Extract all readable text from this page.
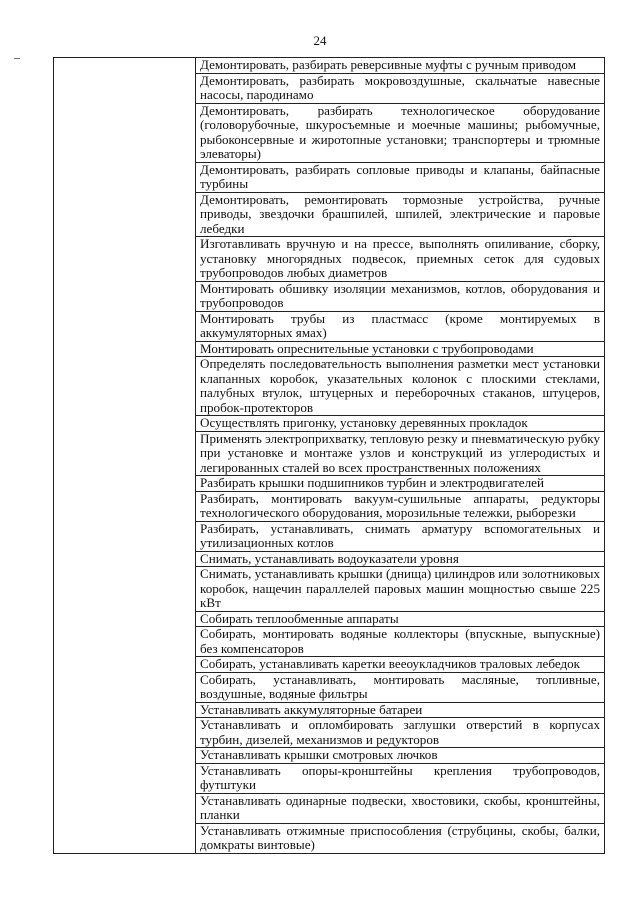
24
–
		Демонтировать, разбирать реверсивные муфты с ручным приводом

Демонтировать, разбирать мокровоздушные, скальчатые навесные насосы, пародинамо

Демонтировать, разбирать технологическое оборудование (головорубочные, шкуросъемные и моечные машины; рыбомучные, рыбоконсервные и жиротопные установки; транспортеры и трюмные элеваторы)

Демонтировать, разбирать сопловые приводы и клапаны, байпасные турбины

Демонтировать, ремонтировать тормозные устройства, ручные приводы, звездочки брашпилей, шпилей, электрические и паровые лебедки

Изготавливать вручную и на прессе, выполнять опиливание, сборку, установку многорядных подвесок, приемных сеток для судовых трубопроводов любых диаметров

Монтировать обшивку изоляции механизмов, котлов, оборудования и трубопроводов

Монтировать трубы из пластмасс (кроме монтируемых в аккумуляторных ямах)

Монтировать опреснительные установки с трубопроводами

Определять последовательность выполнения разметки мест установки клапанных коробок, указательных колонок с плоскими стеклами, палубных втулок, штуцерных и переборочных стаканов, штуцеров, пробок-протекторов

Осуществлять пригонку, установку деревянных прокладок

Применять электроприхватку, тепловую резку и пневматическую рубку при установке и монтаже узлов и конструкций из углеродистых и легированных сталей во всех пространственных положениях

Разбирать крышки подшипников турбин и электродвигателей

Разбирать, монтировать вакуум-сушильные аппараты, редукторы технологического оборудования, морозильные тележки, рыборезки

Разбирать, устанавливать, снимать арматуру вспомогательных и утилизационных котлов

Снимать, устанавливать водоуказатели уровня

Снимать, устанавливать крышки (днища) цилиндров или золотниковых коробок, нащечин параллелей паровых машин мощностью свыше 225 кВт

Собирать теплообменные аппараты

Собирать, монтировать водяные коллекторы (впускные, выпускные) без компенсаторов

Собирать, устанавливать каретки вееоукладчиков траловых лебедок

Собирать, устанавливать, монтировать масляные, топливные, воздушные, водяные фильтры

Устанавливать аккумуляторные батареи

Устанавливать и опломбировать заглушки отверстий в корпусах турбин, дизелей, механизмов и редукторов

Устанавливать крышки смотровых лючков

Устанавливать опоры-кронштейны крепления трубопроводов, футштуки

Устанавливать одинарные подвески, хвостовики, скобы, кронштейны, планки

Устанавливать отжимные приспособления (струбцины, скобы, балки, домкраты винтовые)
